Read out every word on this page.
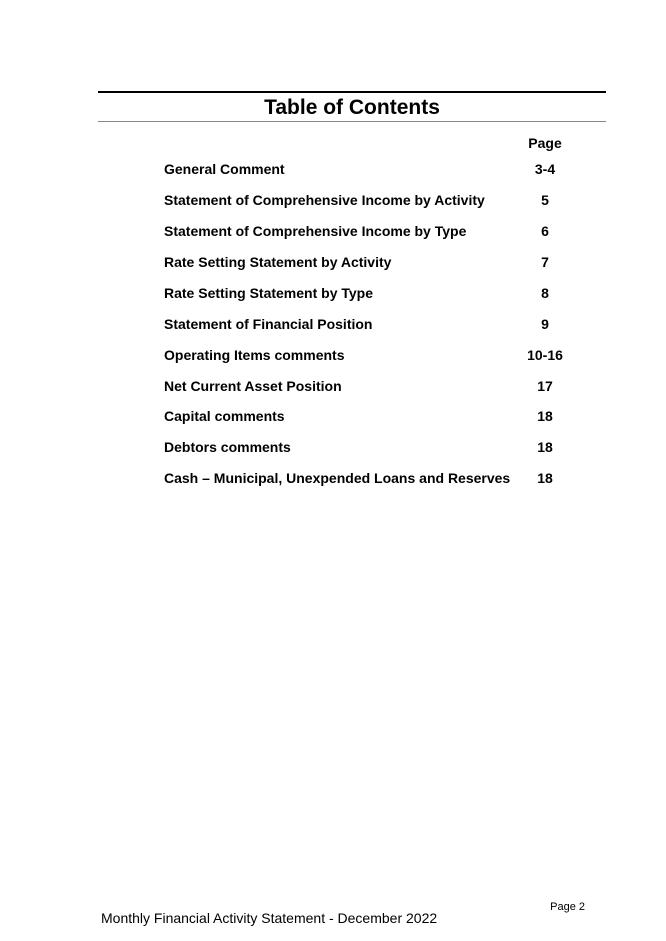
Table of Contents
Page
General Comment	3-4
Statement of Comprehensive Income by Activity	5
Statement of Comprehensive Income by Type	6
Rate Setting Statement by Activity	7
Rate Setting Statement by Type	8
Statement of Financial Position	9
Operating Items comments	10-16
Net Current Asset Position	17
Capital comments	18
Debtors comments	18
Cash – Municipal, Unexpended Loans and Reserves	18
Page 2
Monthly Financial Activity Statement - December 2022
